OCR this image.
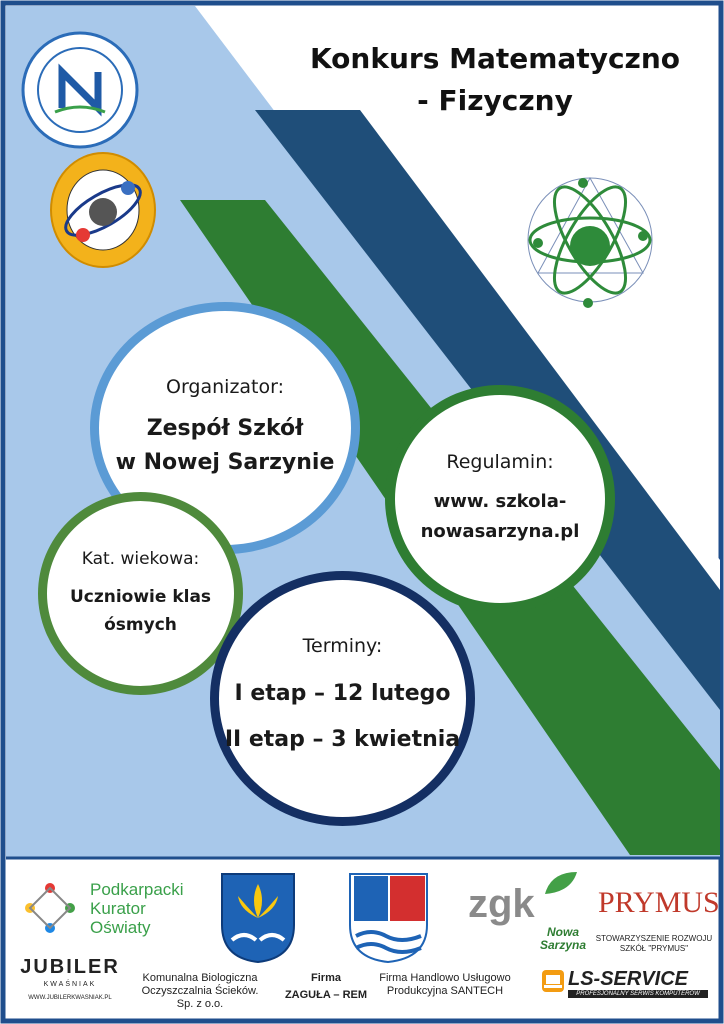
Konkurs Matematyczno
- Fizyczny
Organizator:
Zespół Szkół
w Nowej Sarzynie	Regulamin:
www. szkola-
nowasarzyna.pl
Kat. wiekowa:
Uczniowie klas
ósmych
Terminy:
I etap – 12 lutego
II etap – 3 kwietnia
Podkarpacki
Kurator
Oświaty
zgk
Nowa
Sarzyna
PRYMUS
STOWARZYSZENIE ROZWOJU
SZKÓŁ "PRYMUS"
JUBILER
KWAŚNIAK
WWW.JUBILERKWASNIAK.PL
Komunalna Biologiczna
Oczyszczalnia Ścieków.
Sp. z o.o.
Firma
ZAGUŁA – REM
Firma Handlowo Usługowo
Produkcyjna SANTECH
LS-SERVICE
PROFESJONALNY SERWIS KOMPUTERÓW
